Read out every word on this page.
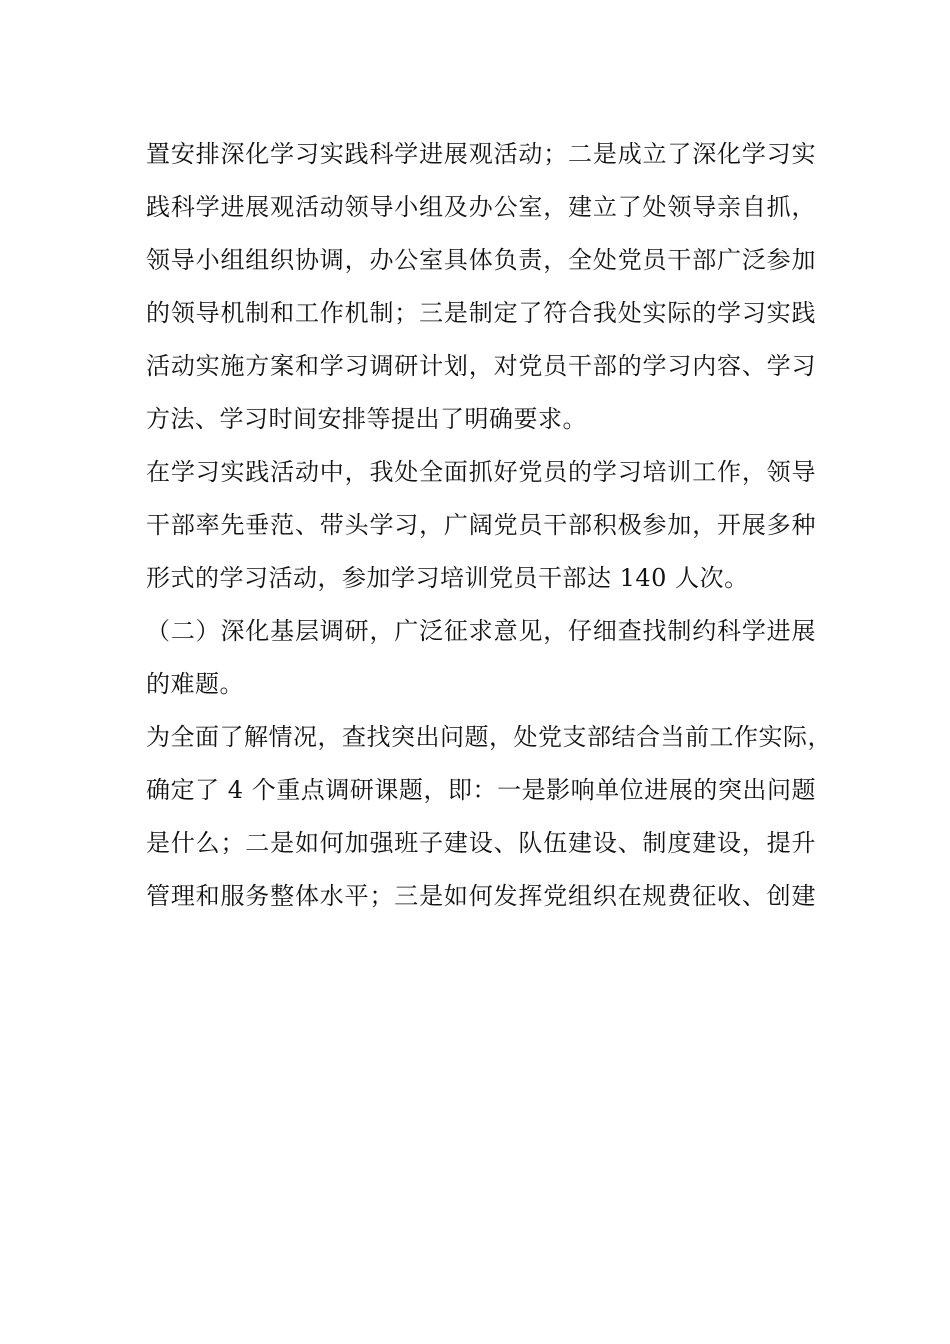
置安排深化学习实践科学进展观活动；二是成立了深化学习实
践科学进展观活动领导小组及办公室，建立了处领导亲自抓，
领导小组组织协调，办公室具体负责，全处党员干部广泛参加
的领导机制和工作机制；三是制定了符合我处实际的学习实践
活动实施方案和学习调研计划，对党员干部的学习内容、学习
方法、学习时间安排等提出了明确要求。
在学习实践活动中，我处全面抓好党员的学习培训工作，领导
干部率先垂范、带头学习，广阔党员干部积极参加，开展多种
形式的学习活动，参加学习培训党员干部达 140 人次。
（二）深化基层调研，广泛征求意见，仔细查找制约科学进展
的难题。
为全面了解情况，查找突出问题，处党支部结合当前工作实际，
确定了 4 个重点调研课题，即：一是影响单位进展的突出问题
是什么；二是如何加强班子建设、队伍建设、制度建设，提升
管理和服务整体水平；三是如何发挥党组织在规费征收、创建
